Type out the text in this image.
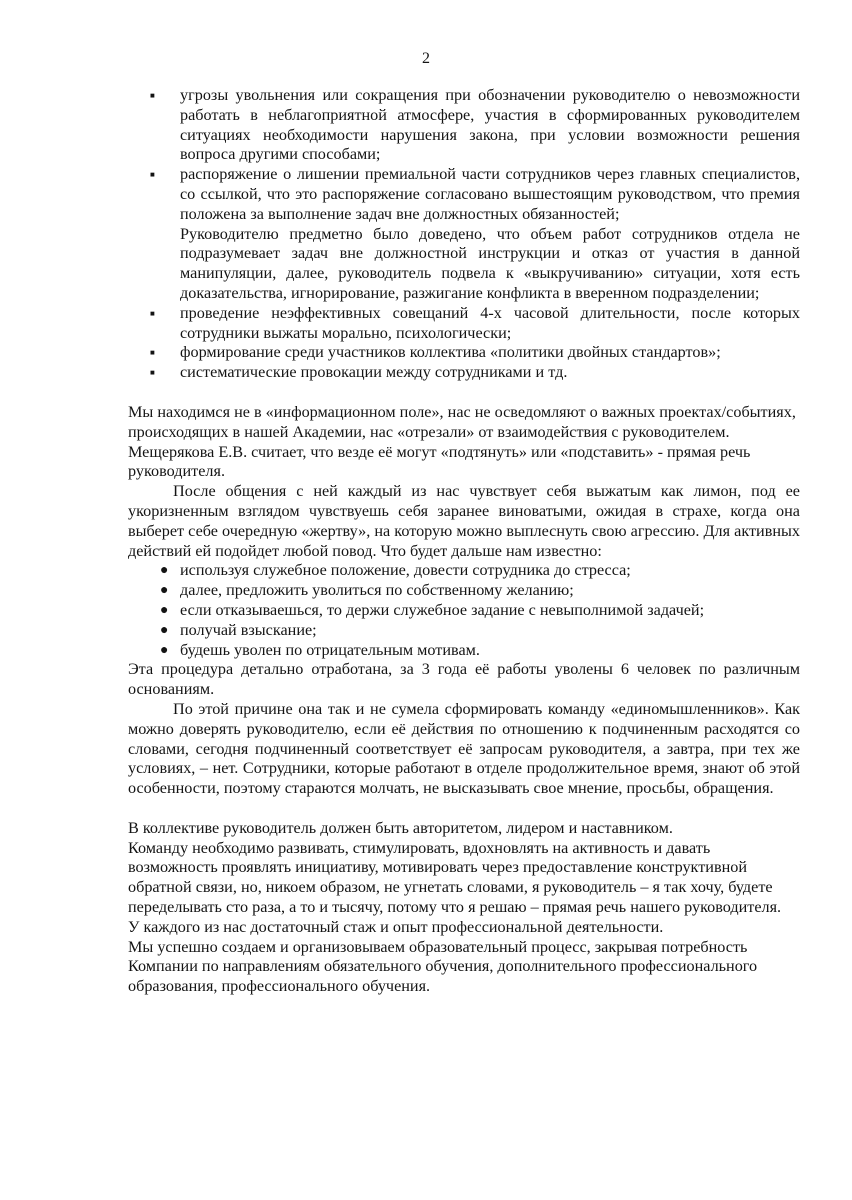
2
■ угрозы увольнения или сокращения при обозначении руководителю о невозможности работать в неблагоприятной атмосфере, участия в сформированных руководителем ситуациях необходимости нарушения закона, при условии возможности решения вопроса другими способами;
■ распоряжение о лишении премиальной части сотрудников через главных специалистов, со ссылкой, что это распоряжение согласовано вышестоящим руководством, что премия положена за выполнение задач вне должностных обязанностей;
Руководителю предметно было доведено, что объем работ сотрудников отдела не подразумевает задач вне должностной инструкции и отказ от участия в данной манипуляции, далее, руководитель подвела к «выкручиванию» ситуации, хотя есть доказательства, игнорирование, разжигание конфликта в вверенном подразделении;
■ проведение неэффективных совещаний 4-х часовой длительности, после которых сотрудники выжаты морально, психологически;
■ формирование среди участников коллектива «политики двойных стандартов»;
■ систематические провокации между сотрудниками и тд.

Мы находимся не в «информационном поле», нас не осведомляют о важных проектах/событиях, происходящих в нашей Академии, нас «отрезали» от взаимодействия с руководителем. Мещерякова Е.В. считает, что везде её могут «подтянуть» или «подставить» - прямая речь руководителя.

После общения с ней каждый из нас чувствует себя выжатым как лимон, под ее укоризненным взглядом чувствуешь себя заранее виноватыми, ожидая в страхе, когда она выберет себе очередную «жертву», на которую можно выплеснуть свою агрессию. Для активных действий ей подойдет любой повод. Что будет дальше нам известно:

● используя служебное положение, довести сотрудника до стресса;
● далее, предложить уволиться по собственному желанию;
● если отказываешься, то держи служебное задание с невыполнимой задачей;
● получай взыскание;
● будешь уволен по отрицательным мотивам.

Эта процедура детально отработана, за 3 года её работы уволены 6 человек по различным основаниям.

По этой причине она так и не сумела сформировать команду «единомышленников». Как можно доверять руководителю, если её действия по отношению к подчиненным расходятся со словами, сегодня подчиненный соответствует её запросам руководителя, а завтра, при тех же условиях, – нет. Сотрудники, которые работают в отделе продолжительное время, знают об этой особенности, поэтому стараются молчать, не высказывать свое мнение, просьбы, обращения.

В коллективе руководитель должен быть авторитетом, лидером и наставником.

Команду необходимо развивать, стимулировать, вдохновлять на активность и давать возможность проявлять инициативу, мотивировать через предоставление конструктивной обратной связи, но, никоем образом, не угнетать словами, я руководитель – я так хочу, будете переделывать сто раза, а то и тысячу, потому что я решаю – прямая речь нашего руководителя.

У каждого из нас достаточный стаж и опыт профессиональной деятельности.

Мы успешно создаем и организовываем образовательный процесс, закрывая потребность Компании по направлениям обязательного обучения, дополнительного профессионального образования, профессионального обучения.
